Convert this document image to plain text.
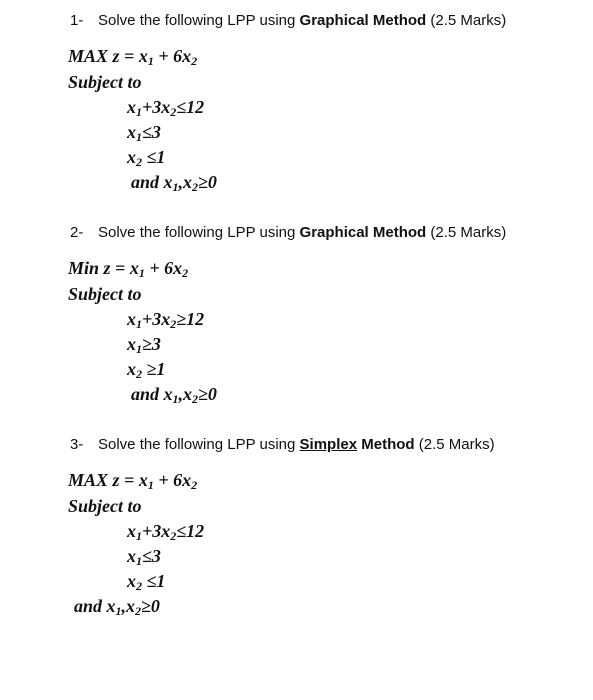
1- Solve the following LPP using Graphical Method (2.5 Marks)
MAX $z = x_1 + 6x_2$
Subject to
$x_1+3x_2\le 12$
$x_1\le 3$
$x_2 \le 1$
and $x_1,x_2\ge 0$
2- Solve the following LPP using Graphical Method (2.5 Marks)
Min $z = x_1 + 6x_2$
Subject to
$x_1+3x_2\ge 12$
$x_1\ge 3$
$x_2 \ge 1$
and $x_1,x_2\ge 0$
3- Solve the following LPP using Simplex Method (2.5 Marks)
MAX $z = x_1 + 6x_2$
Subject to
$x_1+3x_2\le 12$
$x_1\le 3$
$x_2 \le 1$
and $x_1,x_2\ge 0$
